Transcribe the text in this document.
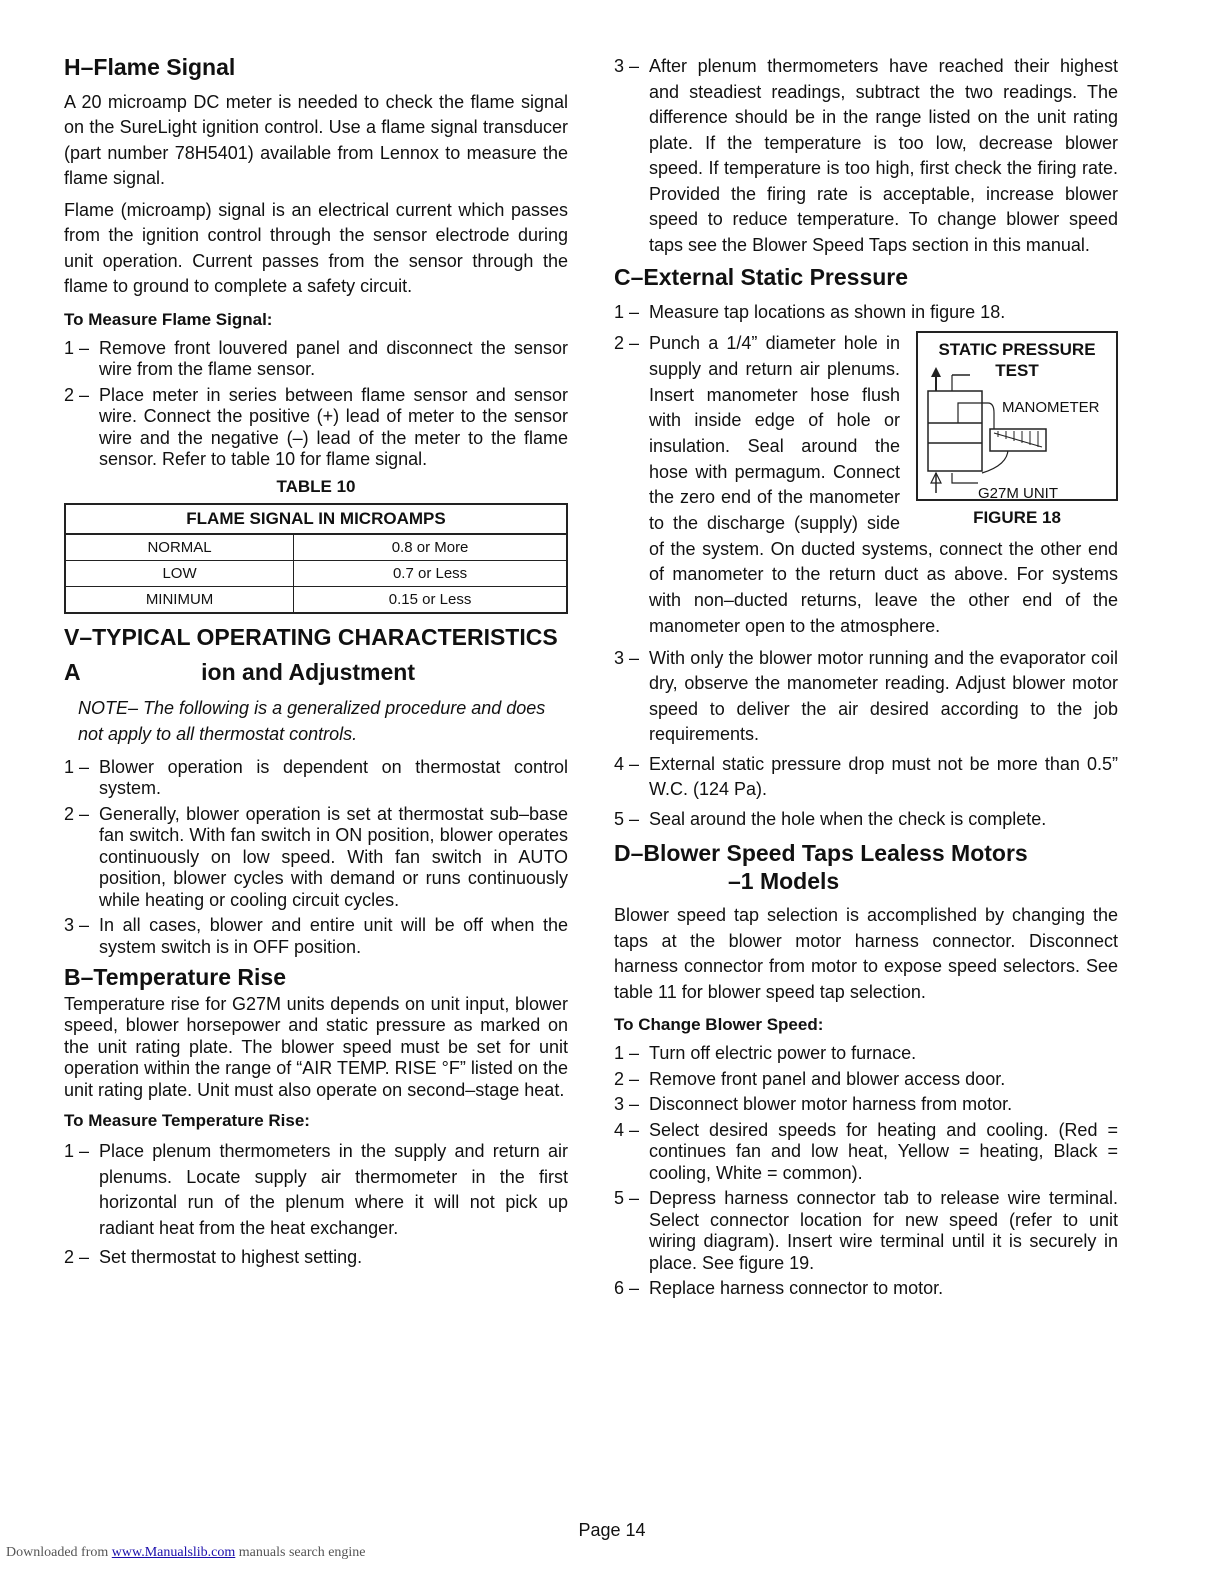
H–Flame Signal

A 20 microamp DC meter is needed to check the flame signal on the SureLight ignition control. Use a flame signal transducer (part number 78H5401) available from Lennox to measure the flame signal.

Flame (microamp) signal is an electrical current which passes from the ignition control through the sensor electrode during unit operation. Current passes from the sensor through the flame to ground to complete a safety circuit.

To Measure Flame Signal:
1 – Remove front louvered panel and disconnect the sensor wire from the flame sensor.
2 – Place meter in series between flame sensor and sensor wire. Connect the positive (+) lead of meter to the sensor wire and the negative (–) lead of the meter to the flame sensor. Refer to table 10 for flame signal.
TABLE 10
FLAME SIGNAL IN MICROAMPS	
NORMAL	0.8 or More
LOW	0.7 or Less
MINIMUM	0.15 or Less
V–TYPICAL OPERATING CHARACTERISTICS
A                   ion and Adjustment
NOTE– The following is a generalized procedure and does not apply to all thermostat controls.
1 – Blower operation is dependent on thermostat control system.
2 – Generally, blower operation is set at thermostat sub–base fan switch. With fan switch in ON position, blower operates continuously on low speed. With fan switch in AUTO position, blower cycles with demand or runs continuously while heating or cooling circuit cycles.
3 – In all cases, blower and entire unit will be off when the system switch is in OFF position.
B–Temperature Rise

Temperature rise for G27M units depends on unit input, blower speed, blower horsepower and static pressure as marked on the unit rating plate. The blower speed must be set for unit operation within the range of “AIR TEMP. RISE °F” listed on the unit rating plate. Unit must also operate on second–stage heat.

To Measure Temperature Rise:
1 – Place plenum thermometers in the supply and return air plenums. Locate supply air thermometer in the first horizontal run of the plenum where it will not pick up radiant heat from the heat exchanger.
2 – Set thermostat to highest setting.
3 – After plenum thermometers have reached their highest and steadiest readings, subtract the two readings. The difference should be in the range listed on the unit rating plate. If the temperature is too low, decrease blower speed. If temperature is too high, first check the firing rate. Provided the firing rate is acceptable, increase blower speed to reduce temperature. To change blower speed taps see the Blower Speed Taps section in this manual.
C–External Static Pressure
1 – Measure tap locations as shown in figure 18.
2 –	STATIC PRESSURE TEST
MANOMETER
G27M UNIT
FIGURE 18
Punch a 1/4” diameter hole in supply and return air plenums. Insert manometer hose flush with inside edge of hole or insulation. Seal around the hose with permagum. Connect the zero end of the manometer to the discharge (supply) side of the system. On ducted systems, connect the other end of manometer to the return duct as above. For systems with non–ducted returns, leave the other end of the manometer open to the atmosphere.
3 – With only the blower motor running and the evaporator coil dry, observe the manometer reading. Adjust blower motor speed to deliver the air desired according to the job requirements.
4 – External static pressure drop must not be more than 0.5” W.C. (124 Pa).
5 – Seal around the hole when the check is complete.
D–Blower Speed Taps Lealess Motors
–1 Models

Blower speed tap selection is accomplished by changing the taps at the blower motor harness connector. Disconnect harness connector from motor to expose speed selectors. See table 11 for blower speed tap selection.

To Change Blower Speed:
1 – Turn off electric power to furnace.
2 – Remove front panel and blower access door.
3 – Disconnect blower motor harness from motor.
4 – Select desired speeds for heating and cooling. (Red = continues fan and low heat, Yellow = heating, Black = cooling, White = common).
5 – Depress harness connector tab to release wire terminal. Select connector location for new speed (refer to unit wiring diagram). Insert wire terminal until it is securely in place. See figure 19.
6 – Replace harness connector to motor.
Page 14
Downloaded from www.Manualslib.com manuals search engine
